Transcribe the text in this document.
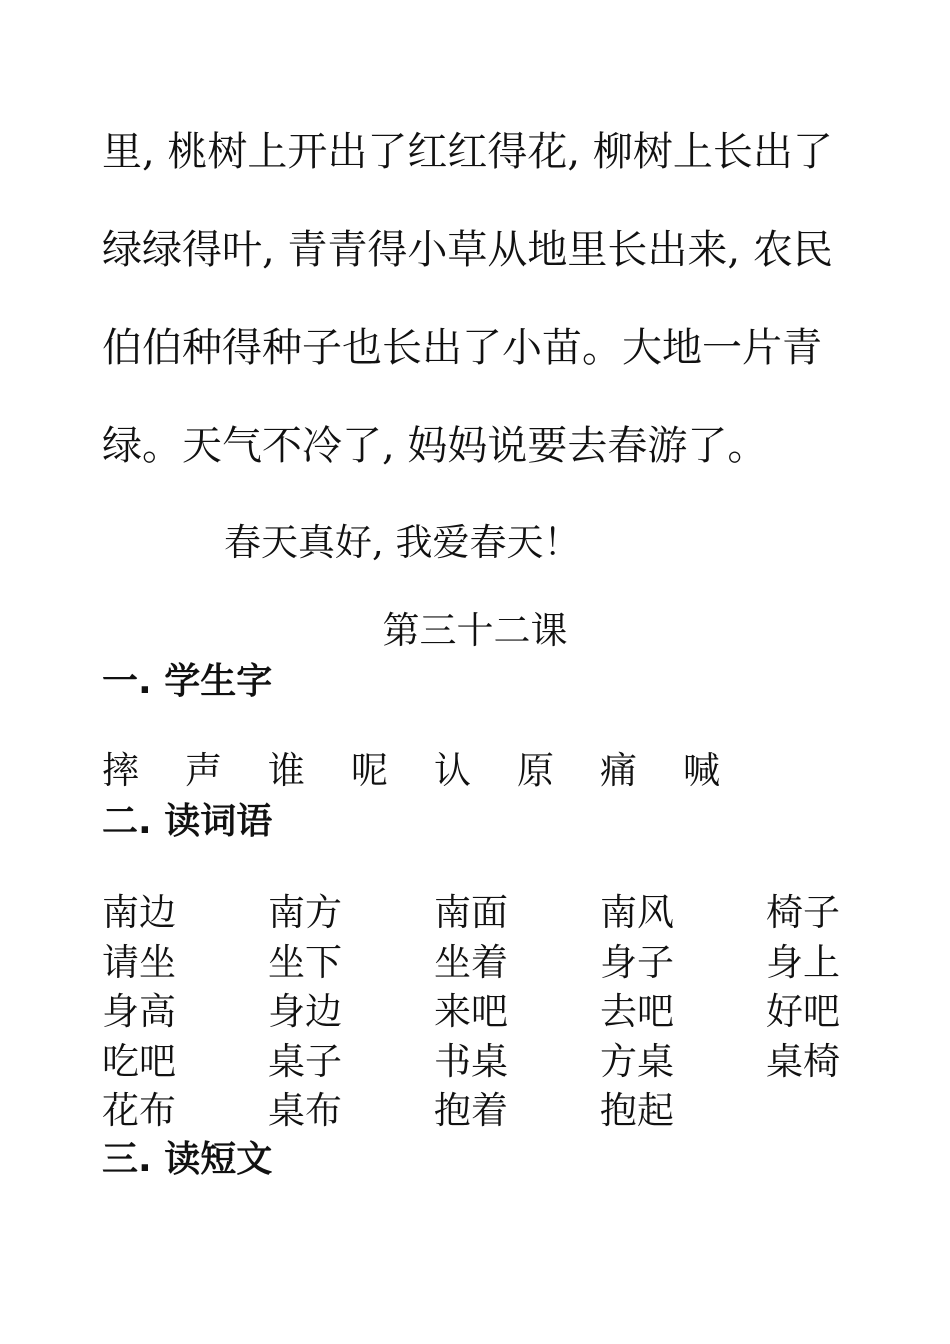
里, 桃树上开出了红红得花, 柳树上长出了
绿绿得叶, 青青得小草从地里长出来, 农民
伯伯种得种子也长出了小苗。大地一片青
绿。天气不冷了, 妈妈说要去春游了。
春天真好, 我爱春天！
第三十二课
一. 学生字
摔 声 谁 呢 认 原 痛 喊
二. 读词语
南边 南方 南面 南风 椅子
请坐 坐下 坐着 身子 身上
身高 身边 来吧 去吧 好吧
吃吧 桌子 书桌 方桌 桌椅
花布 桌布 抱着 抱起
三. 读短文
